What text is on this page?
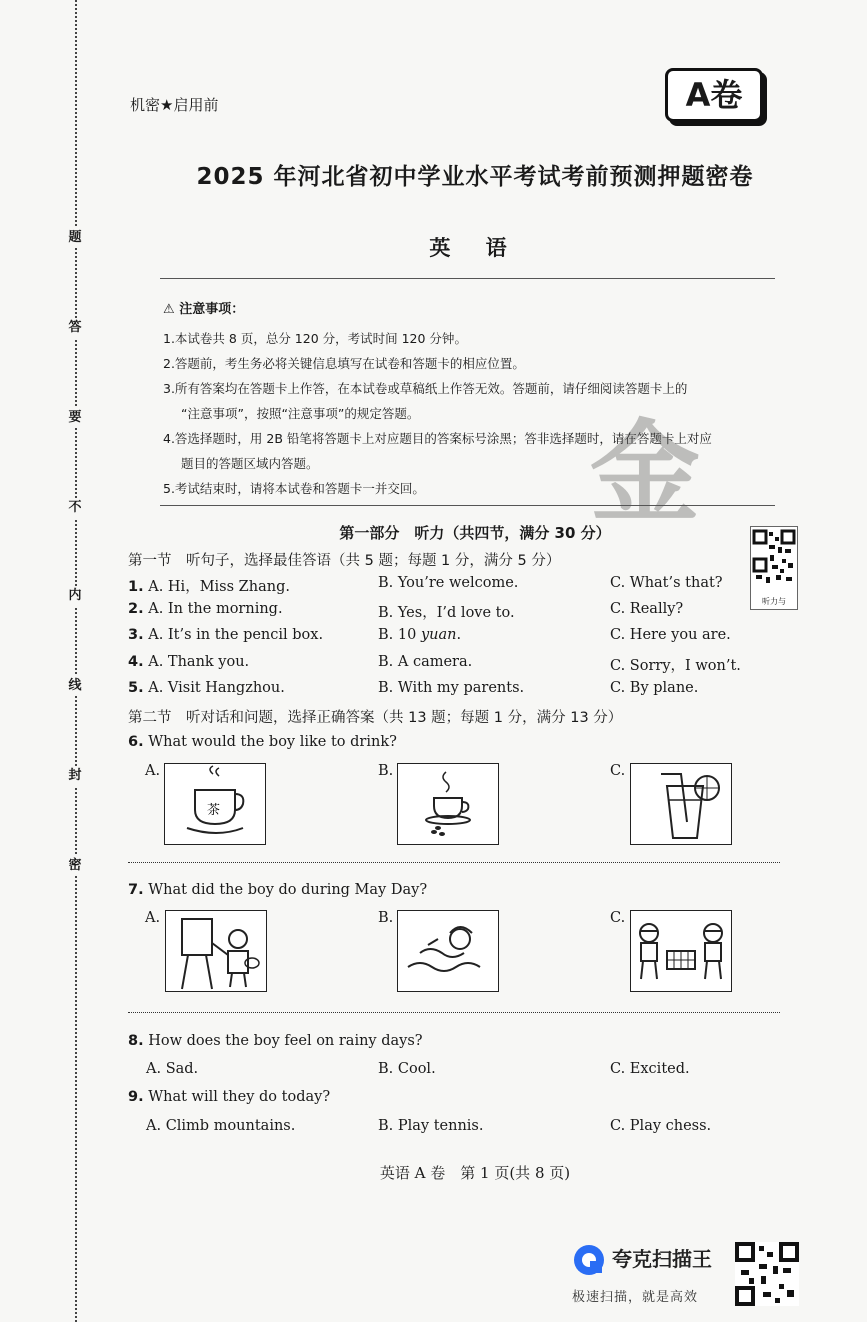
题
答
要
不
内
线
封
密
机密★启用前	A卷
2025 年河北省初中学业水平考试考前预测押题密卷
英 语
⚠ 注意事项：
1.本试卷共 8 页，总分 120 分，考试时间 120 分钟。
2.答题前，考生务必将关键信息填写在试卷和答题卡的相应位置。
3.所有答案均在答题卡上作答，在本试卷或草稿纸上作答无效。答题前，请仔细阅读答题卡上的
“注意事项”，按照“注意事项”的规定答题。
4.答选择题时，用 2B 铅笔将答题卡上对应题目的答案标号涂黑；答非选择题时，请在答题卡上对应
题目的答题区域内答题。
5.考试结束时，请将本试卷和答题卡一并交回。	金
第一部分　听力（共四节，满分 30 分）
听力与
第一节　听句子，选择最佳答语（共 5 题；每题 1 分，满分 5 分）
1. A. Hi，Miss Zhang.	B. You’re welcome.	C. What’s that?
2. A. In the morning.	B. Yes，I’d love to.	C. Really?
3. A. It’s in the pencil box.	B. 10 yuan.	C. Here you are.
4. A. Thank you.	B. A camera.	C. Sorry，I won’t.
5. A. Visit Hangzhou.	B. With my parents.	C. By plane.
第二节　听对话和问题，选择正确答案（共 13 题；每题 1 分，满分 13 分）
6. What would the boy like to drink?
A.
茶
B.	C.
7. What did the boy do during May Day?
A.	B.	C.
8. How does the boy feel on rainy days?
A. Sad.	B. Cool.	C. Excited.
9. What will they do today?
A. Climb mountains.	B. Play tennis.	C. Play chess.
英语 A 卷　第 1 页(共 8 页)
夸克扫描王
极速扫描，就是高效
